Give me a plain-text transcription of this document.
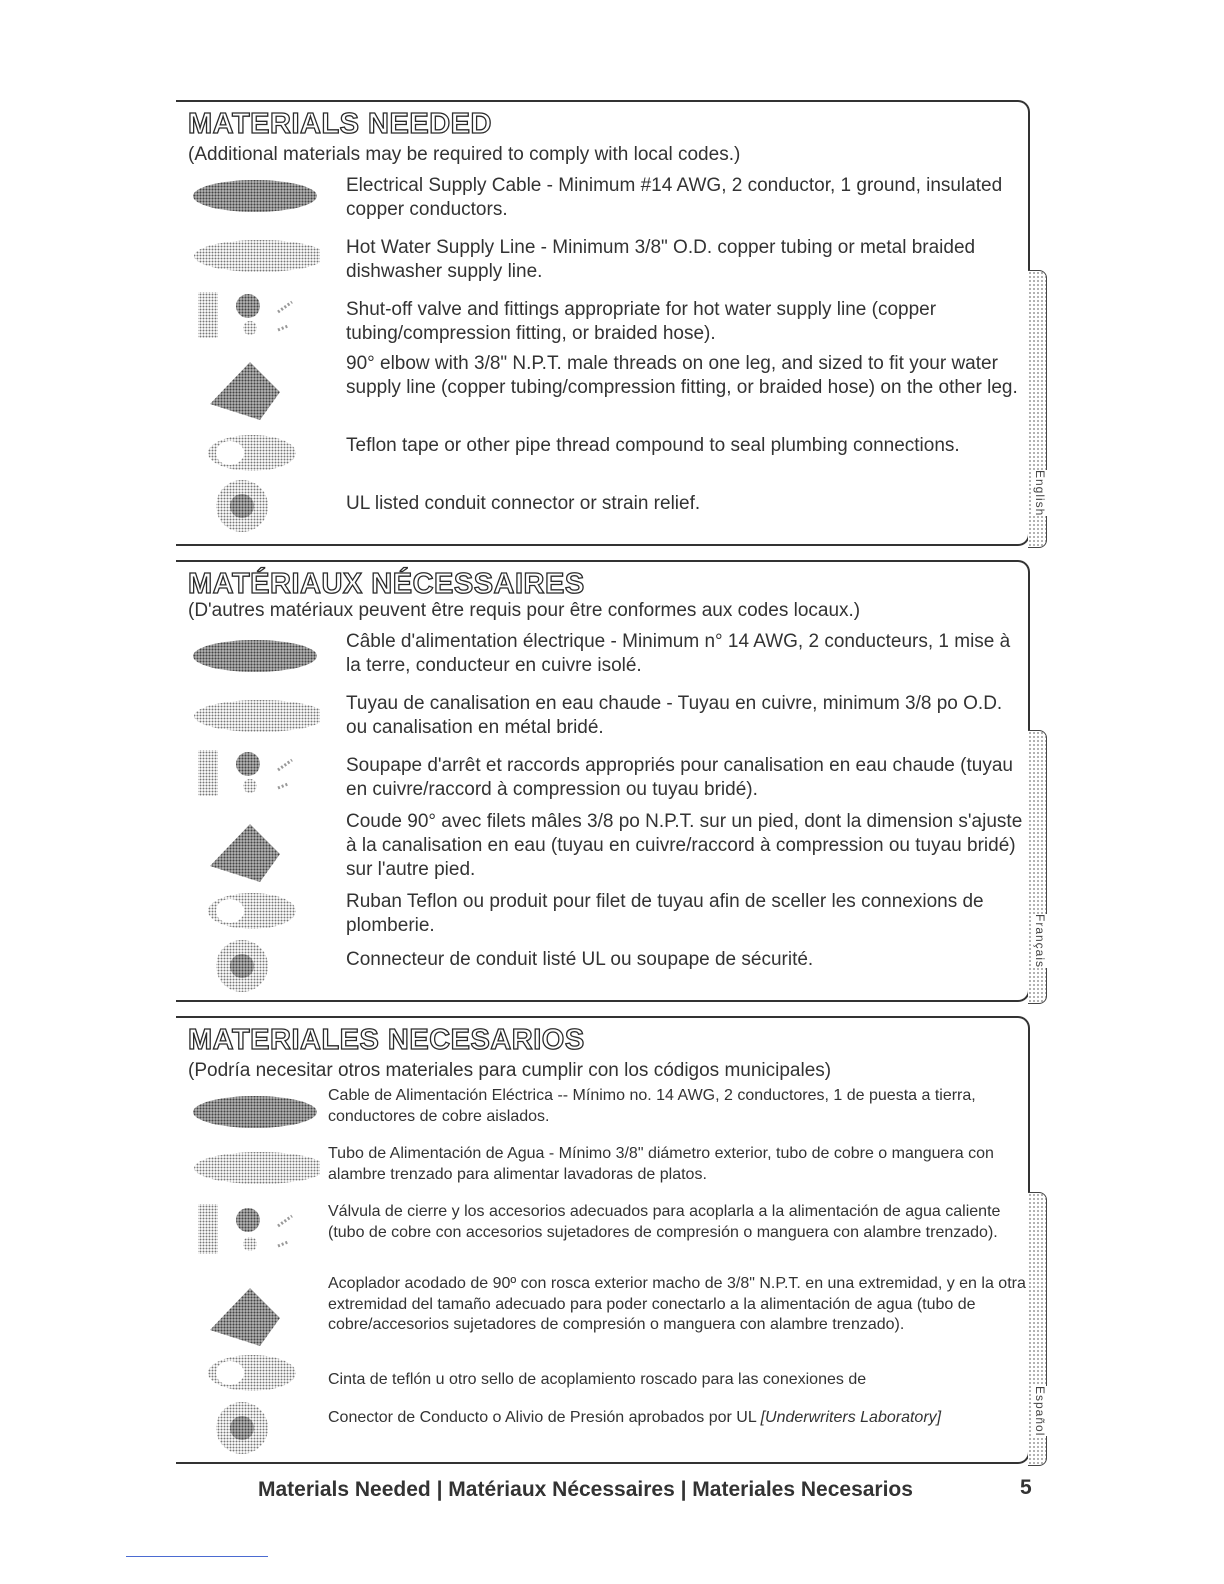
MATERIALS NEEDED
(Additional materials may be required to comply with local codes.)
Electrical Supply Cable - Minimum #14 AWG, 2 conductor, 1 ground, insulated copper conductors.
Hot Water Supply Line - Minimum 3/8" O.D. copper tubing or metal braided dishwasher supply line.
Shut-off valve and fittings appropriate for hot water supply line (copper tubing/compression fitting, or braided hose).
90° elbow with 3/8" N.P.T. male threads on one leg, and sized to fit your water supply line (copper tubing/compression fitting, or braided hose) on the other leg.
Teflon tape or other pipe thread compound to seal plumbing connections.
UL listed conduit connector or strain relief.	English
MATÉRIAUX NÉCESSAIRES
(D'autres matériaux peuvent être requis pour être conformes aux codes locaux.)
Câble d'alimentation électrique - Minimum n° 14 AWG, 2 conducteurs, 1 mise à la terre, conducteur en cuivre isolé.
Tuyau de canalisation en eau chaude - Tuyau en cuivre, minimum 3/8 po O.D. ou canalisation en métal bridé.
Soupape d'arrêt et raccords appropriés pour canalisation en eau chaude (tuyau en cuivre/raccord à compression ou tuyau bridé).
Coude 90° avec filets mâles 3/8 po N.P.T. sur un pied, dont la dimension s'ajuste à la canalisation en eau (tuyau en cuivre/raccord à compression ou tuyau bridé) sur l'autre pied.
Ruban Teflon ou produit pour filet de tuyau afin de sceller les connexions de plomberie.
Connecteur de conduit listé UL ou soupape de sécurité.	Français
MATERIALES NECESARIOS
(Podría necesitar otros materiales para cumplir con los códigos municipales)
Cable de Alimentación Eléctrica -- Mínimo no. 14 AWG, 2 conductores, 1 de puesta a tierra, conductores de cobre aislados.
Tubo de Alimentación de Agua - Mínimo 3/8" diámetro exterior, tubo de cobre o manguera con alambre trenzado para alimentar lavadoras de platos.
Válvula de cierre y los accesorios adecuados para acoplarla a la alimentación de agua caliente (tubo de cobre con accesorios sujetadores de compresión o manguera con alambre trenzado).
Acoplador acodado de 90º con rosca exterior macho de 3/8" N.P.T. en una extremidad, y en la otra extremidad del tamaño adecuado para poder conectarlo a la alimentación de agua (tubo de cobre/accesorios sujetadores de compresión o manguera con alambre trenzado).
Cinta de teflón u otro sello de acoplamiento roscado para las conexiones de
Conector de Conducto o Alivio de Presión aprobados por UL [Underwriters Laboratory]	Español
Materials Needed | Matériaux Nécessaires | Materiales Necesarios	5
